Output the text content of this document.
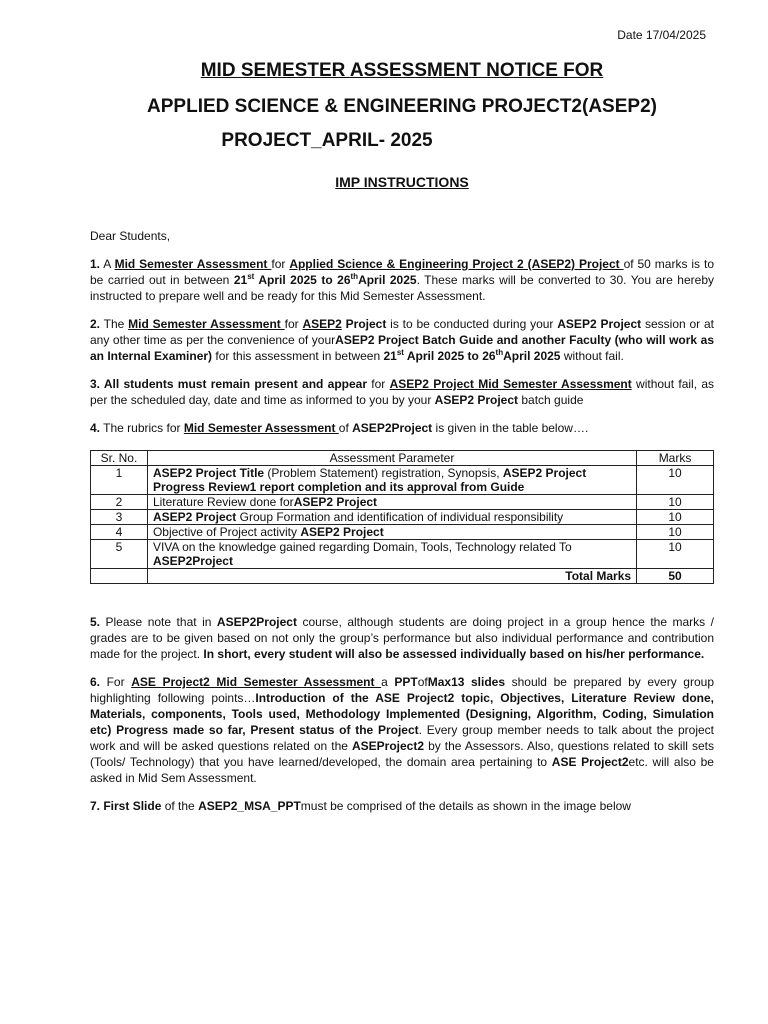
Date 17/04/2025
MID SEMESTER ASSESSMENT NOTICE FOR
APPLIED SCIENCE & ENGINEERING PROJECT2(ASEP2)
PROJECT_APRIL- 2025
IMP INSTRUCTIONS

Dear Students,

1. A Mid Semester Assessment for Applied Science & Engineering Project 2 (ASEP2) Project of 50 marks is to be carried out in between 21st April 2025 to 26thApril 2025. These marks will be converted to 30. You are hereby instructed to prepare well and be ready for this Mid Semester Assessment.

2. The Mid Semester Assessment for ASEP2 Project is to be conducted during your ASEP2 Project session or at any other time as per the convenience of yourASEP2 Project Batch Guide and another Faculty (who will work as an Internal Examiner) for this assessment in between 21st April 2025 to 26thApril 2025 without fail.

3. All students must remain present and appear for ASEP2 Project Mid Semester Assessment without fail, as per the scheduled day, date and time as informed to you by your ASEP2 Project batch guide

4. The rubrics for Mid Semester Assessment of ASEP2Project is given in the table below….

Sr. No.	Assessment Parameter	Marks
1	ASEP2 Project Title (Problem Statement) registration, Synopsis, ASEP2 Project Progress Review1 report completion and its approval from Guide	10
2	Literature Review done forASEP2 Project	10
3	ASEP2 Project Group Formation and identification of individual responsibility	10
4	Objective of Project activity ASEP2 Project	10
5	VIVA on the knowledge gained regarding Domain, Tools, Technology related To ASEP2Project	10
	Total Marks	50

5. Please note that in ASEP2Project course, although students are doing project in a group hence the marks / grades are to be given based on not only the group’s performance but also individual performance and contribution made for the project. In short, every student will also be assessed individually based on his/her performance.

6. For ASE Project2 Mid Semester Assessment a PPTofMax13 slides should be prepared by every group highlighting following points…Introduction of the ASE Project2 topic, Objectives, Literature Review done, Materials, components, Tools used, Methodology Implemented (Designing, Algorithm, Coding, Simulation etc) Progress made so far, Present status of the Project. Every group member needs to talk about the project work and will be asked questions related on the ASEProject2 by the Assessors. Also, questions related to skill sets (Tools/ Technology) that you have learned/developed, the domain area pertaining to ASE Project2etc. will also be asked in Mid Sem Assessment.

7. First Slide of the ASEP2_MSA_PPTmust be comprised of the details as shown in the image below
